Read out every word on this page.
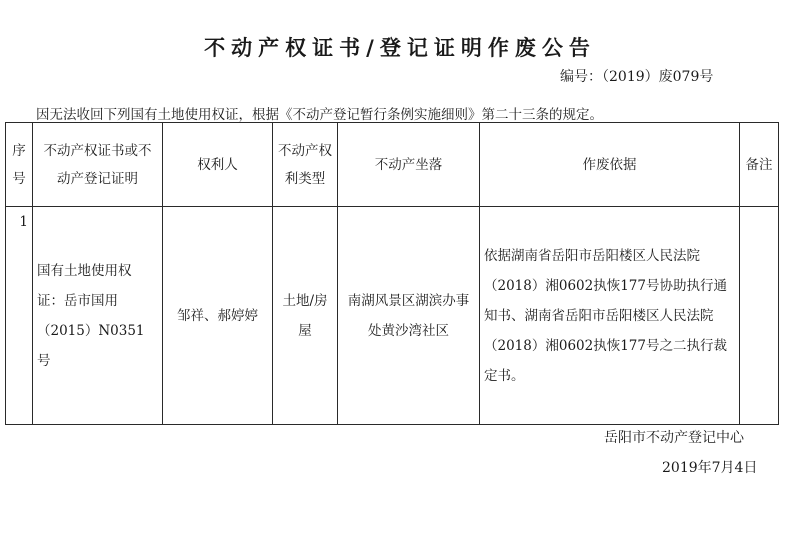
不动产权证书/登记证明作废公告
编号：（2019）废079号
因无法收回下列国有土地使用权证，根据《不动产登记暂行条例实施细则》第二十三条的规定。
序号	不动产权证书或不动产登记证明	权利人	不动产权利类型	不动产坐落	作废依据	备注
1	国有土地使用权证：岳市国用（2015）N0351号	邹祥、郝婷婷	土地/房屋	南湖风景区湖滨办事处黄沙湾社区	依据湖南省岳阳市岳阳楼区人民法院（2018）湘0602执恢177号协助执行通知书、湖南省岳阳市岳阳楼区人民法院（2018）湘0602执恢177号之二执行裁定书。	
岳阳市不动产登记中心
2019年7月4日
